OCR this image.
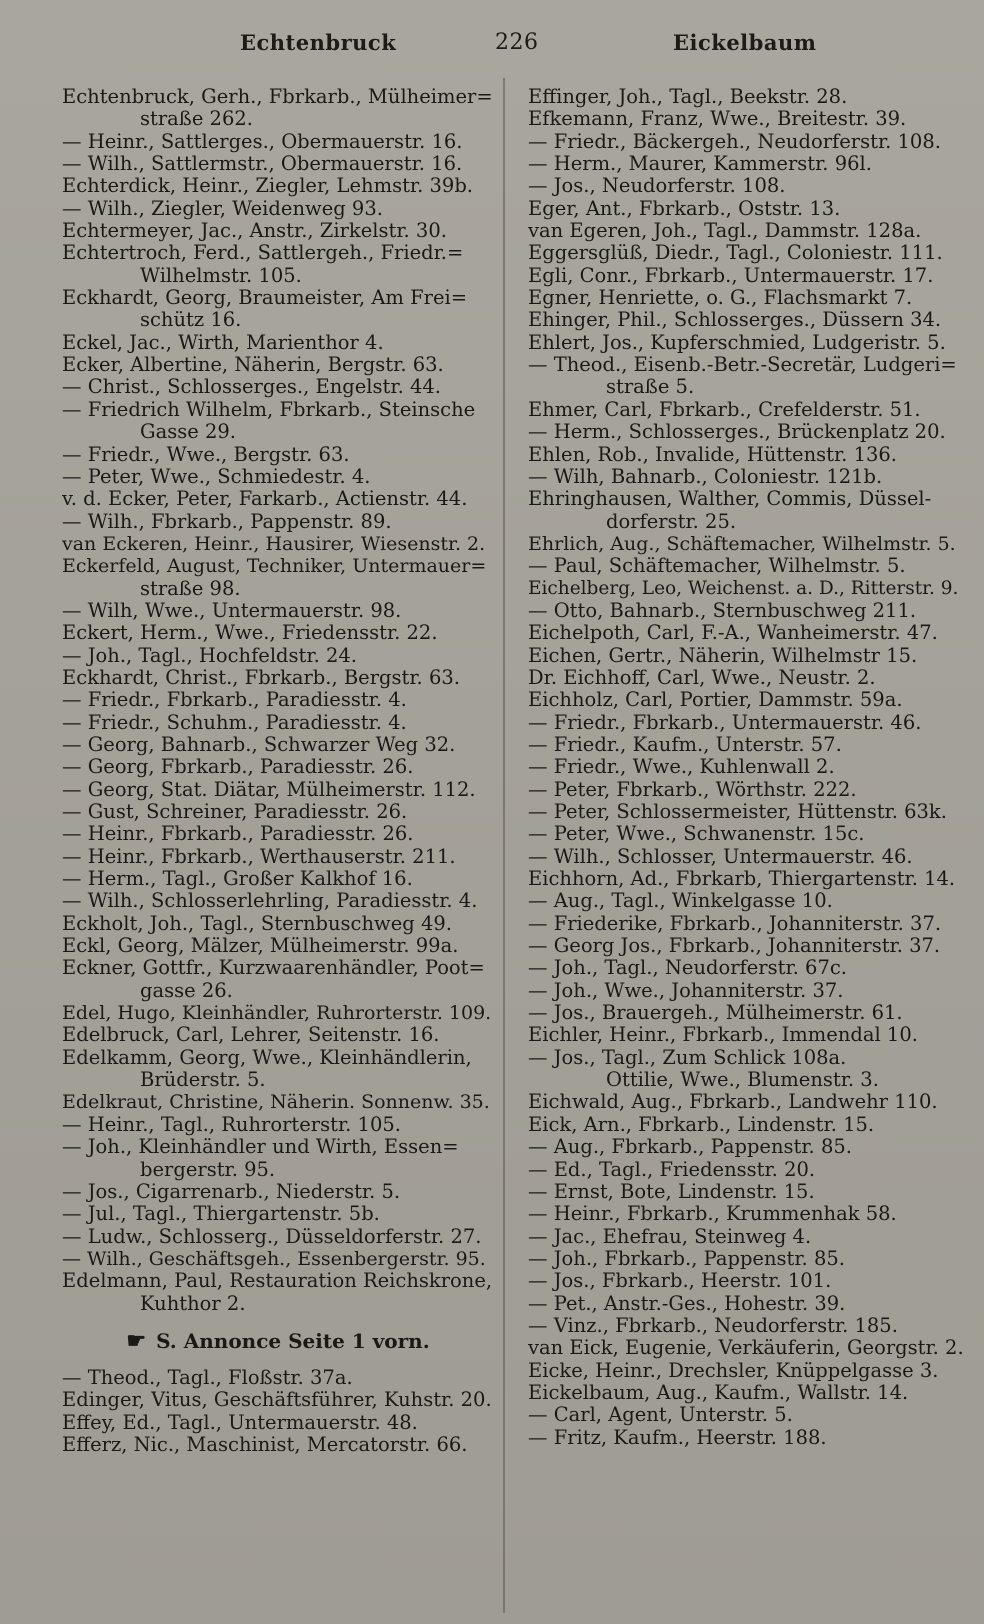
Echtenbruck	226	Eickelbaum
Echtenbruck, Gerh., Fbrkarb., Mülheimer=
straße 262.
— Heinr., Sattlerges., Obermauerstr. 16.
— Wilh., Sattlermstr., Obermauerstr. 16.
Echterdick, Heinr., Ziegler, Lehmstr. 39b.
— Wilh., Ziegler, Weidenweg 93.
Echtermeyer, Jac., Anstr., Zirkelstr. 30.
Echtertroch, Ferd., Sattlergeh., Friedr.=
Wilhelmstr. 105.
Eckhardt, Georg, Braumeister, Am Frei=
schütz 16.
Eckel, Jac., Wirth, Marienthor 4.
Ecker, Albertine, Näherin, Bergstr. 63.
— Christ., Schlosserges., Engelstr. 44.
— Friedrich Wilhelm, Fbrkarb., Steinsche
Gasse 29.
— Friedr., Wwe., Bergstr. 63.
— Peter, Wwe., Schmiedestr. 4.
v. d. Ecker, Peter, Farkarb., Actienstr. 44.
— Wilh., Fbrkarb., Pappenstr. 89.
van Eckeren, Heinr., Hausirer, Wiesenstr. 2.
Eckerfeld, August, Techniker, Untermauer=
straße 98.
— Wilh, Wwe., Untermauerstr. 98.
Eckert, Herm., Wwe., Friedensstr. 22.
— Joh., Tagl., Hochfeldstr. 24.
Eckhardt, Christ., Fbrkarb., Bergstr. 63.
— Friedr., Fbrkarb., Paradiesstr. 4.
— Friedr., Schuhm., Paradiesstr. 4.
— Georg, Bahnarb., Schwarzer Weg 32.
— Georg, Fbrkarb., Paradiesstr. 26.
— Georg, Stat. Diätar, Mülheimerstr. 112.
— Gust, Schreiner, Paradiesstr. 26.
— Heinr., Fbrkarb., Paradiesstr. 26.
— Heinr., Fbrkarb., Werthauserstr. 211.
— Herm., Tagl., Großer Kalkhof 16.
— Wilh., Schlosserlehrling, Paradiesstr. 4.
Eckholt, Joh., Tagl., Sternbuschweg 49.
Eckl, Georg, Mälzer, Mülheimerstr. 99a.
Eckner, Gottfr., Kurzwaarenhändler, Poot=
gasse 26.
Edel, Hugo, Kleinhändler, Ruhrorterstr. 109.
Edelbruck, Carl, Lehrer, Seitenstr. 16.
Edelkamm, Georg, Wwe., Kleinhändlerin,
Brüderstr. 5.
Edelkraut, Christine, Näherin. Sonnenw. 35.
— Heinr., Tagl., Ruhrorterstr. 105.
— Joh., Kleinhändler und Wirth, Essen=
bergerstr. 95.
— Jos., Cigarrenarb., Niederstr. 5.
— Jul., Tagl., Thiergartenstr. 5b.
— Ludw., Schlosserg., Düsseldorferstr. 27.
— Wilh., Geschäftsgeh., Essenbergerstr. 95.
Edelmann, Paul, Restauration Reichskrone,
Kuhthor 2.
☛ S. Annonce Seite 1 vorn.
— Theod., Tagl., Floßstr. 37a.
Edinger, Vitus, Geschäftsführer, Kuhstr. 20.
Effey, Ed., Tagl., Untermauerstr. 48.
Efferz, Nic., Maschinist, Mercatorstr. 66.
Effinger, Joh., Tagl., Beekstr. 28.
Efkemann, Franz, Wwe., Breitestr. 39.
— Friedr., Bäckergeh., Neudorferstr. 108.
— Herm., Maurer, Kammerstr. 96l.
— Jos., Neudorferstr. 108.
Eger, Ant., Fbrkarb., Oststr. 13.
van Egeren, Joh., Tagl., Dammstr. 128a.
Eggersglüß, Diedr., Tagl., Coloniestr. 111.
Egli, Conr., Fbrkarb., Untermauerstr. 17.
Egner, Henriette, o. G., Flachsmarkt 7.
Ehinger, Phil., Schlosserges., Düssern 34.
Ehlert, Jos., Kupferschmied, Ludgeristr. 5.
— Theod., Eisenb.-Betr.-Secretär, Ludgeri=
straße 5.
Ehmer, Carl, Fbrkarb., Crefelderstr. 51.
— Herm., Schlosserges., Brückenplatz 20.
Ehlen, Rob., Invalide, Hüttenstr. 136.
— Wilh, Bahnarb., Coloniestr. 121b.
Ehringhausen, Walther, Commis, Düssel-
dorferstr. 25.
Ehrlich, Aug., Schäftemacher, Wilhelmstr. 5.
— Paul, Schäftemacher, Wilhelmstr. 5.
Eichelberg, Leo, Weichenst. a. D., Ritterstr. 9.
— Otto, Bahnarb., Sternbuschweg 211.
Eichelpoth, Carl, F.-A., Wanheimerstr. 47.
Eichen, Gertr., Näherin, Wilhelmstr 15.
Dr. Eichhoff, Carl, Wwe., Neustr. 2.
Eichholz, Carl, Portier, Dammstr. 59a.
— Friedr., Fbrkarb., Untermauerstr. 46.
— Friedr., Kaufm., Unterstr. 57.
— Friedr., Wwe., Kuhlenwall 2.
— Peter, Fbrkarb., Wörthstr. 222.
— Peter, Schlossermeister, Hüttenstr. 63k.
— Peter, Wwe., Schwanenstr. 15c.
— Wilh., Schlosser, Untermauerstr. 46.
Eichhorn, Ad., Fbrkarb, Thiergartenstr. 14.
— Aug., Tagl., Winkelgasse 10.
— Friederike, Fbrkarb., Johanniterstr. 37.
— Georg Jos., Fbrkarb., Johanniterstr. 37.
— Joh., Tagl., Neudorferstr. 67c.
— Joh., Wwe., Johanniterstr. 37.
— Jos., Brauergeh., Mülheimerstr. 61.
Eichler, Heinr., Fbrkarb., Immendal 10.
— Jos., Tagl., Zum Schlick 108a.
Ottilie, Wwe., Blumenstr. 3.
Eichwald, Aug., Fbrkarb., Landwehr 110.
Eick, Arn., Fbrkarb., Lindenstr. 15.
— Aug., Fbrkarb., Pappenstr. 85.
— Ed., Tagl., Friedensstr. 20.
— Ernst, Bote, Lindenstr. 15.
— Heinr., Fbrkarb., Krummenhak 58.
— Jac., Ehefrau, Steinweg 4.
— Joh., Fbrkarb., Pappenstr. 85.
— Jos., Fbrkarb., Heerstr. 101.
— Pet., Anstr.-Ges., Hohestr. 39.
— Vinz., Fbrkarb., Neudorferstr. 185.
van Eick, Eugenie, Verkäuferin, Georgstr. 2.
Eicke, Heinr., Drechsler, Knüppelgasse 3.
Eickelbaum, Aug., Kaufm., Wallstr. 14.
— Carl, Agent, Unterstr. 5.
— Fritz, Kaufm., Heerstr. 188.
